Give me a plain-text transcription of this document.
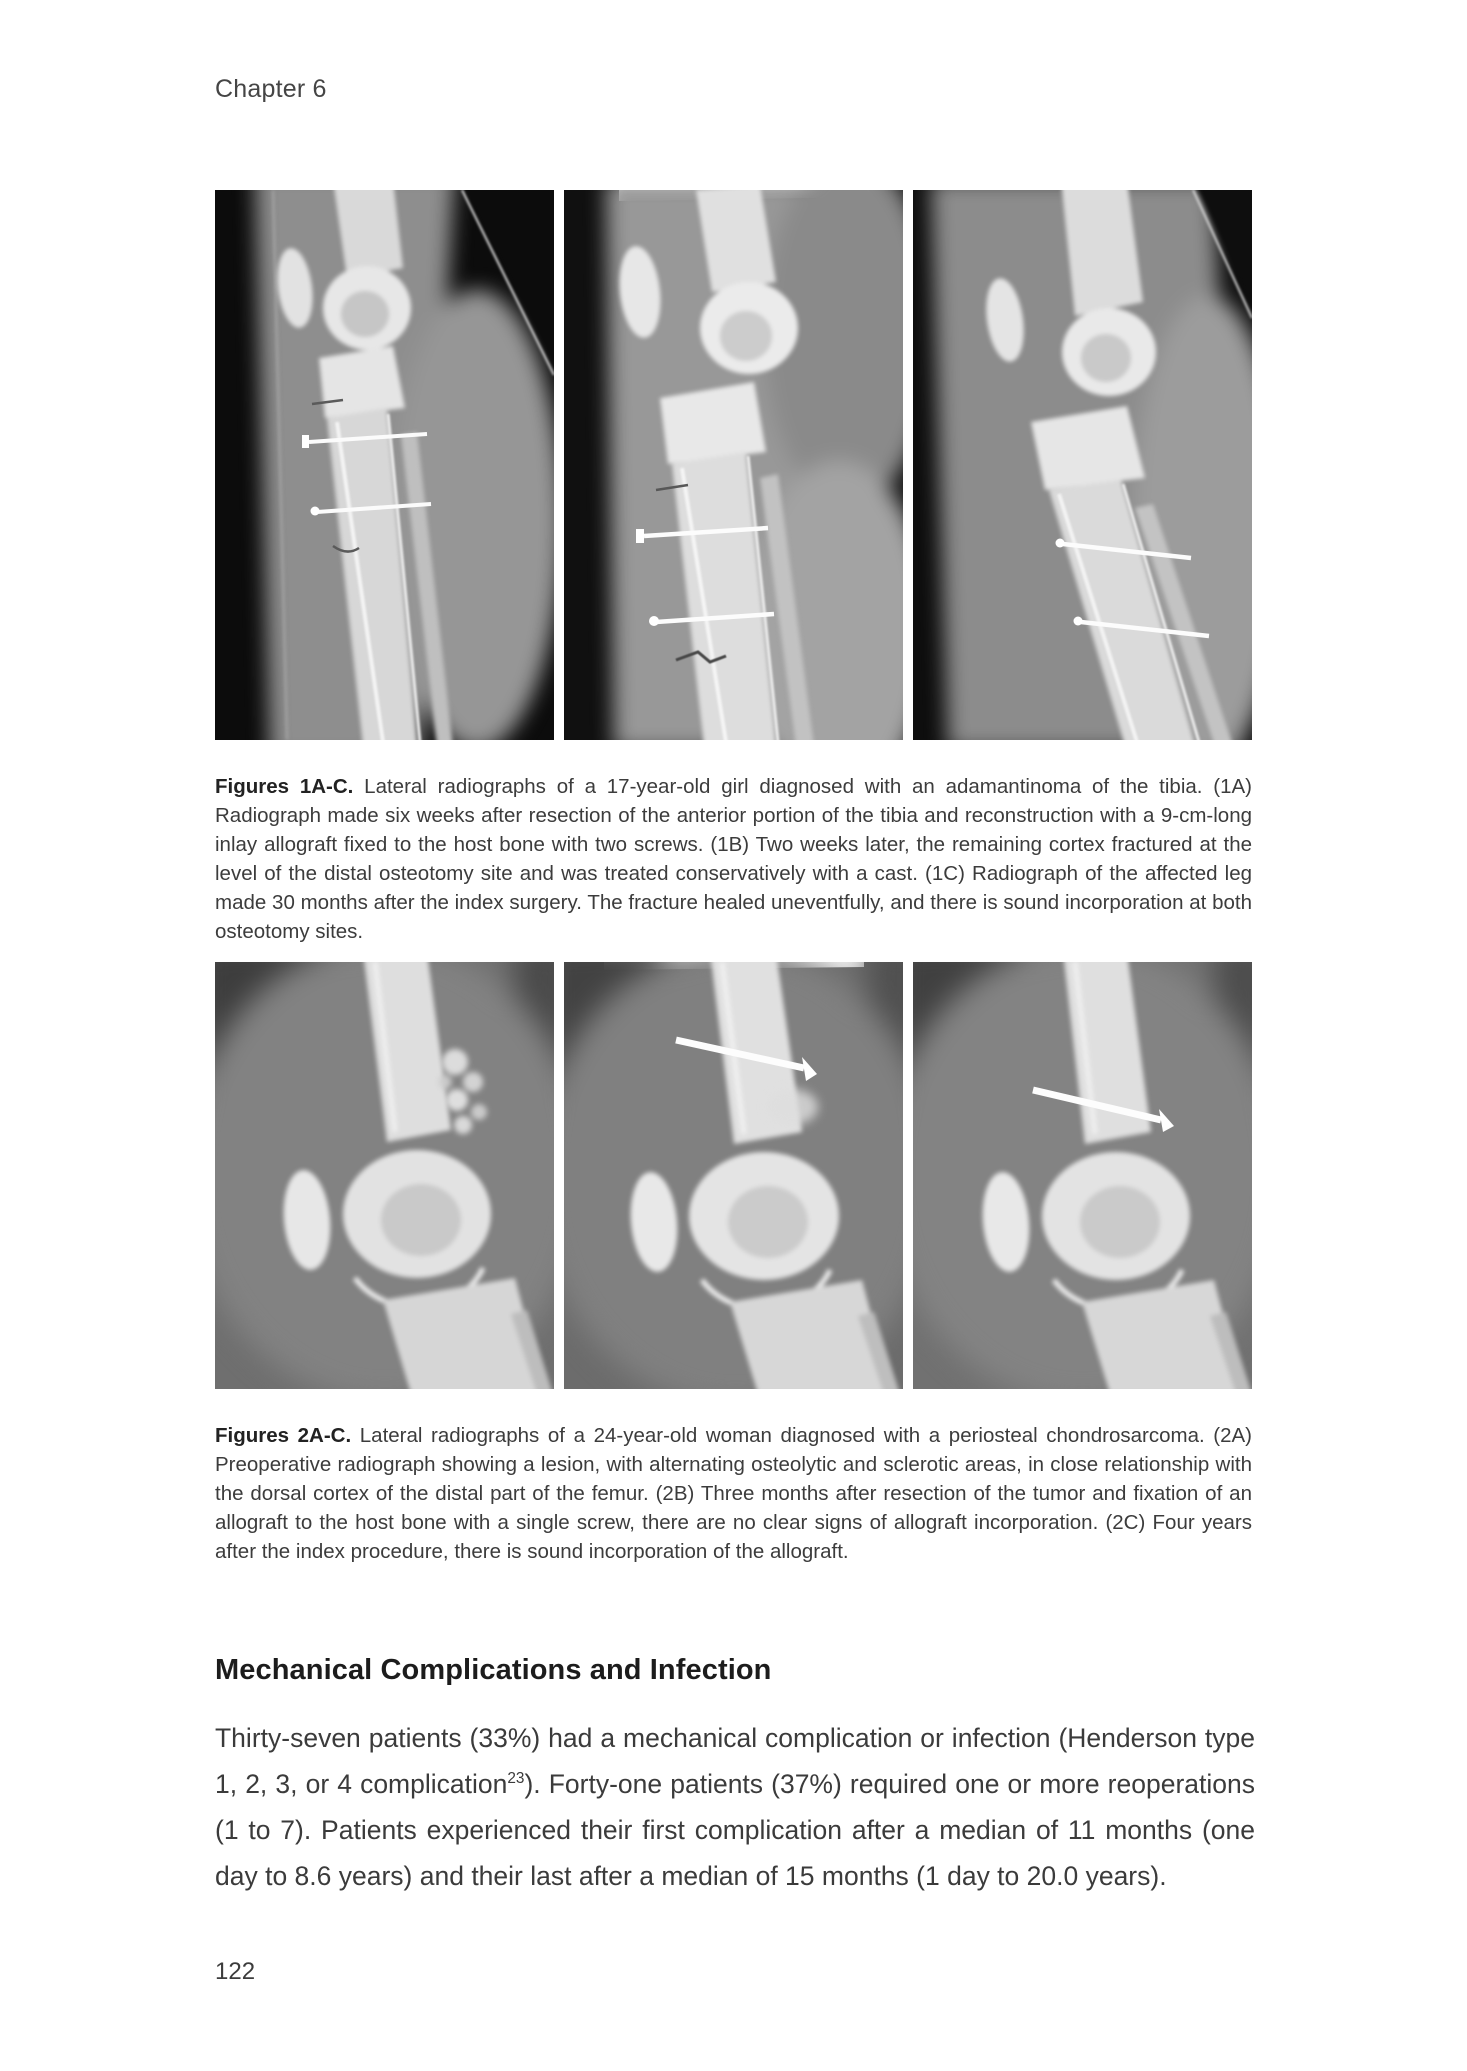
Chapter 6

Figures 1A-C. Lateral radiographs of a 17-year-old girl diagnosed with an adamantinoma of the tibia. (1A) Radiograph made six weeks after resection of the anterior portion of the tibia and reconstruction with a 9-cm-long inlay allograft fixed to the host bone with two screws. (1B) Two weeks later, the remaining cortex fractured at the level of the distal osteotomy site and was treated conservatively with a cast. (1C) Radiograph of the affected leg made 30 months after the index surgery. The fracture healed uneventfully, and there is sound incorporation at both osteotomy sites.

Figures 2A-C. Lateral radiographs of a 24-year-old woman diagnosed with a periosteal chondrosarcoma. (2A) Preoperative radiograph showing a lesion, with alternating osteolytic and sclerotic areas, in close relationship with the dorsal cortex of the distal part of the femur. (2B) Three months after resection of the tumor and fixation of an allograft to the host bone with a single screw, there are no clear signs of allograft incorporation. (2C) Four years after the index procedure, there is sound incorporation of the allograft.

Mechanical Complications and Infection

Thirty-seven patients (33%) had a mechanical complication or infection (Henderson type 1, 2, 3, or 4 complication$^{23}$). Forty-one patients (37%) required one or more reoperations (1 to 7). Patients experienced their first complication after a median of 11 months (one day to 8.6 years) and their last after a median of 15 months (1 day to 20.0 years).

122
